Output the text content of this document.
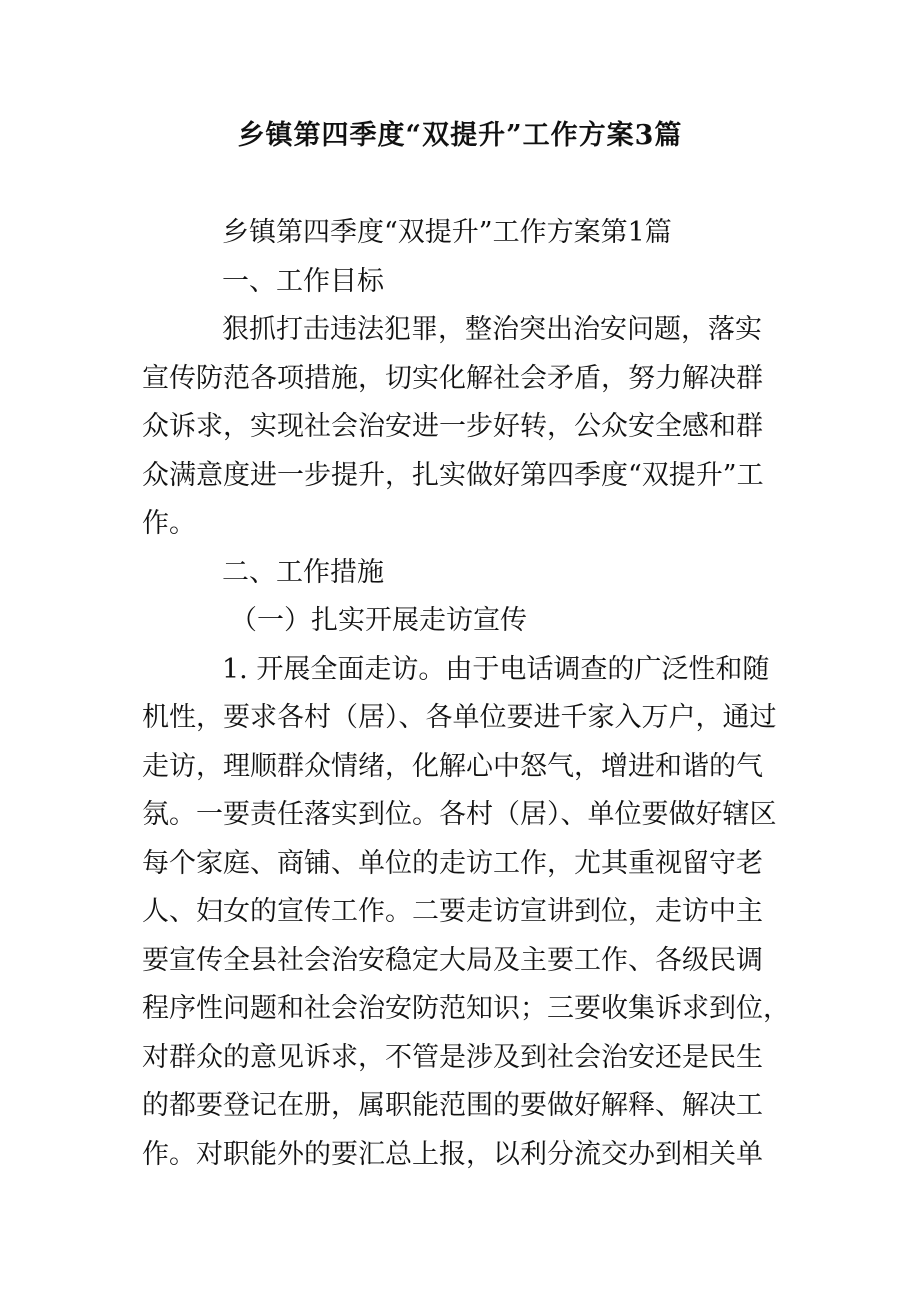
乡镇第四季度“双提升”工作方案3篇
乡镇第四季度“双提升”工作方案第1篇
一、工作目标
狠抓打击违法犯罪，整治突出治安问题，落实
宣传防范各项措施，切实化解社会矛盾，努力解决群
众诉求，实现社会治安进一步好转，公众安全感和群
众满意度进一步提升，扎实做好第四季度“双提升”工
作。
二、工作措施
（一）扎实开展走访宣传
1. 开展全面走访。由于电话调查的广泛性和随
机性，要求各村（居）、各单位要进千家入万户，通过
走访，理顺群众情绪，化解心中怒气，增进和谐的气
氛。一要责任落实到位。各村（居）、单位要做好辖区
每个家庭、商铺、单位的走访工作，尤其重视留守老
人、妇女的宣传工作。二要走访宣讲到位，走访中主
要宣传全县社会治安稳定大局及主要工作、各级民调
程序性问题和社会治安防范知识；三要收集诉求到位，
对群众的意见诉求，不管是涉及到社会治安还是民生
的都要登记在册，属职能范围的要做好解释、解决工
作。对职能外的要汇总上报，以利分流交办到相关单
